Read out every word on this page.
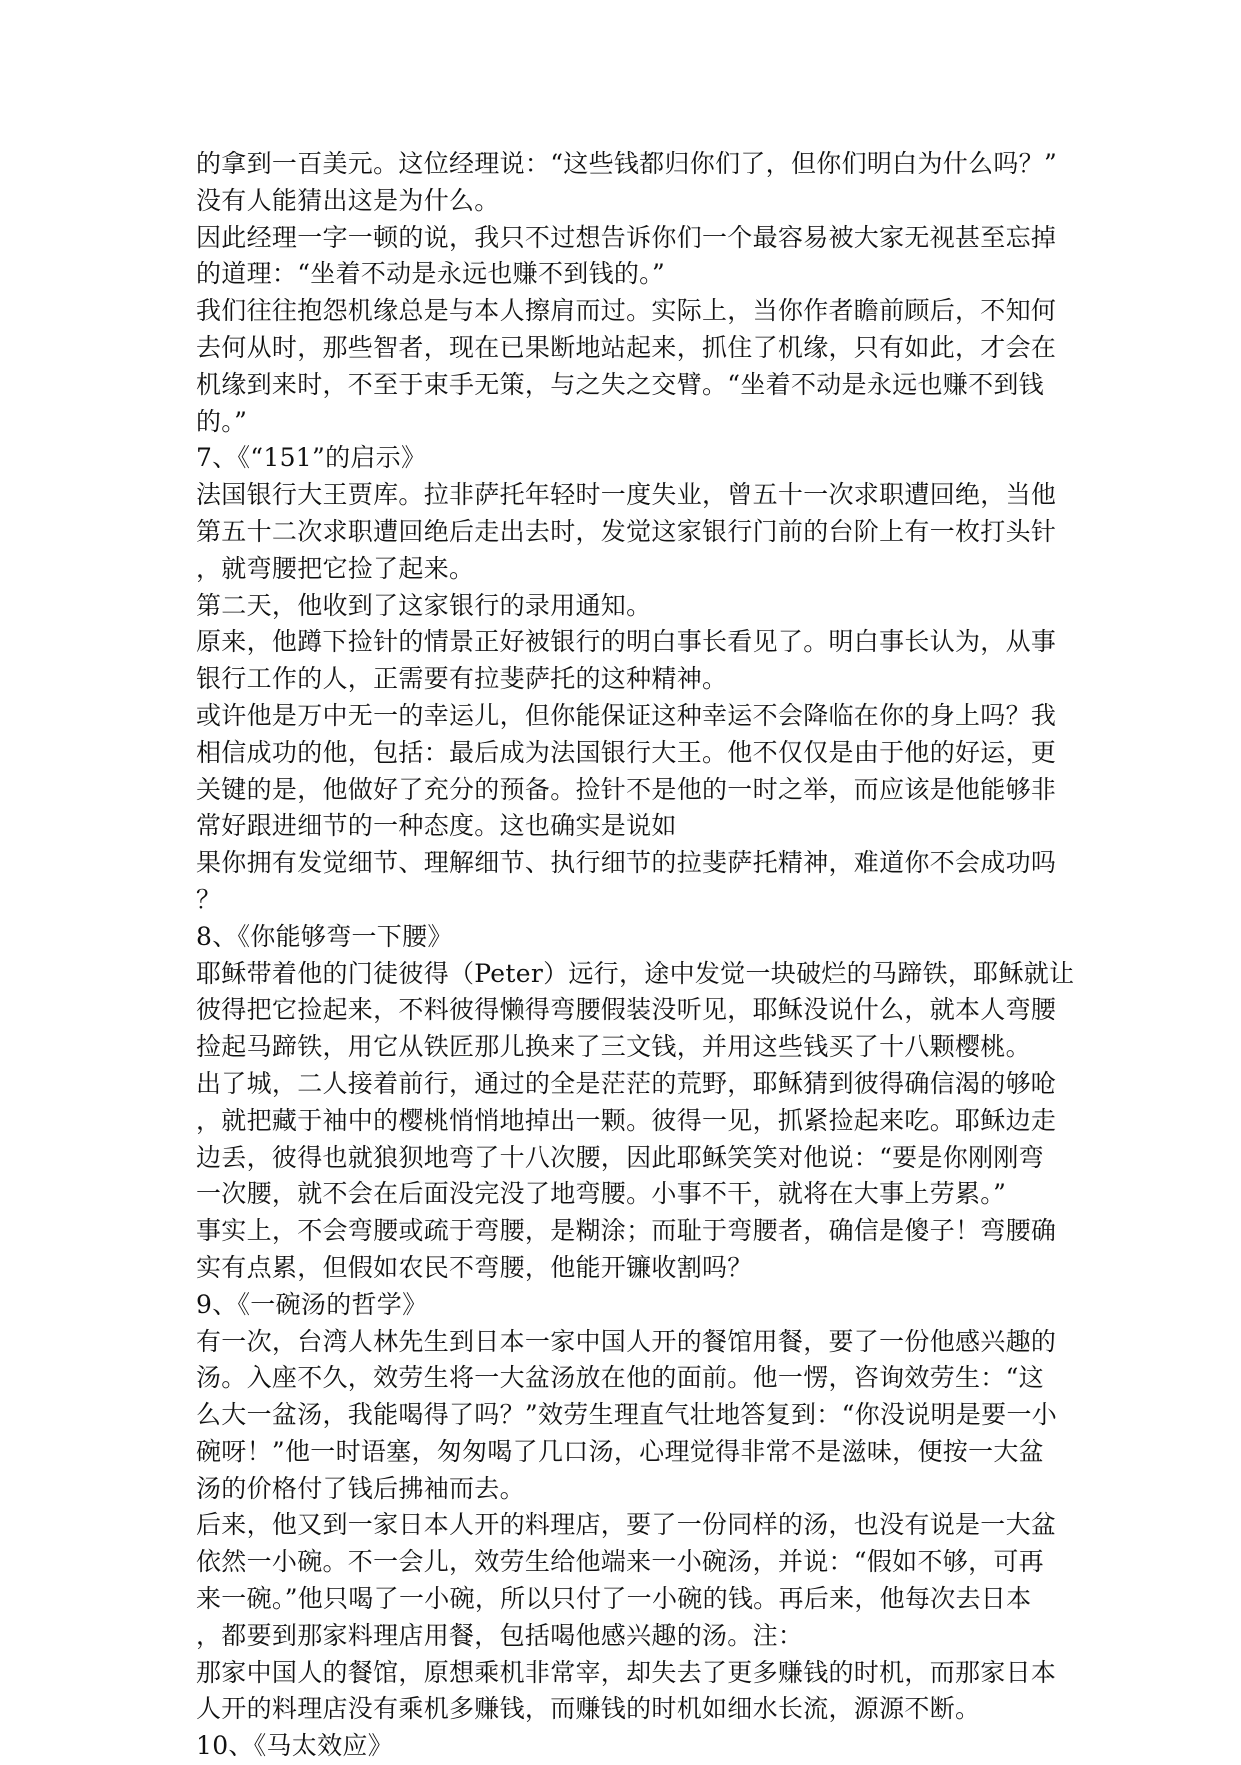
的拿到一百美元。这位经理说：“这些钱都归你们了，但你们明白为什么吗？”
没有人能猜出这是为什么。
因此经理一字一顿的说，我只不过想告诉你们一个最容易被大家无视甚至忘掉
的道理：“坐着不动是永远也赚不到钱的。”
我们往往抱怨机缘总是与本人擦肩而过。实际上，当你作者瞻前顾后，不知何
去何从时，那些智者，现在已果断地站起来，抓住了机缘，只有如此，才会在
机缘到来时，不至于束手无策，与之失之交臂。“坐着不动是永远也赚不到钱
的。”
7、《“151”的启示》
法国银行大王贾库。拉非萨托年轻时一度失业，曾五十一次求职遭回绝，当他
第五十二次求职遭回绝后走出去时，发觉这家银行门前的台阶上有一枚打头针
，就弯腰把它捡了起来。
第二天，他收到了这家银行的录用通知。
原来，他蹲下捡针的情景正好被银行的明白事长看见了。明白事长认为，从事
银行工作的人，正需要有拉斐萨托的这种精神。
或许他是万中无一的幸运儿，但你能保证这种幸运不会降临在你的身上吗？我
相信成功的他，包括：最后成为法国银行大王。他不仅仅是由于他的好运，更
关键的是，他做好了充分的预备。捡针不是他的一时之举，而应该是他能够非
常好跟进细节的一种态度。这也确实是说如
果你拥有发觉细节、理解细节、执行细节的拉斐萨托精神，难道你不会成功吗
？
8、《你能够弯一下腰》
耶稣带着他的门徒彼得（Peter）远行，途中发觉一块破烂的马蹄铁，耶稣就让
彼得把它捡起来，不料彼得懒得弯腰假装没听见，耶稣没说什么，就本人弯腰
捡起马蹄铁，用它从铁匠那儿换来了三文钱，并用这些钱买了十八颗樱桃。
出了城，二人接着前行，通过的全是茫茫的荒野，耶稣猜到彼得确信渴的够呛
，就把藏于袖中的樱桃悄悄地掉出一颗。彼得一见，抓紧捡起来吃。耶稣边走
边丢，彼得也就狼狈地弯了十八次腰，因此耶稣笑笑对他说：“要是你刚刚弯
一次腰，就不会在后面没完没了地弯腰。小事不干，就将在大事上劳累。”
事实上，不会弯腰或疏于弯腰，是糊涂；而耻于弯腰者，确信是傻子！弯腰确
实有点累，但假如农民不弯腰，他能开镰收割吗？
9、《一碗汤的哲学》
有一次，台湾人林先生到日本一家中国人开的餐馆用餐，要了一份他感兴趣的
汤。入座不久，效劳生将一大盆汤放在他的面前。他一愣，咨询效劳生：“这
么大一盆汤，我能喝得了吗？”效劳生理直气壮地答复到：“你没说明是要一小
碗呀！”他一时语塞，匆匆喝了几口汤，心理觉得非常不是滋味，便按一大盆
汤的价格付了钱后拂袖而去。
后来，他又到一家日本人开的料理店，要了一份同样的汤，也没有说是一大盆
依然一小碗。不一会儿，效劳生给他端来一小碗汤，并说：“假如不够，可再
来一碗。”他只喝了一小碗，所以只付了一小碗的钱。再后来，他每次去日本
，都要到那家料理店用餐，包括喝他感兴趣的汤。注：
那家中国人的餐馆，原想乘机非常宰，却失去了更多赚钱的时机，而那家日本
人开的料理店没有乘机多赚钱，而赚钱的时机如细水长流，源源不断。
10、《马太效应》
